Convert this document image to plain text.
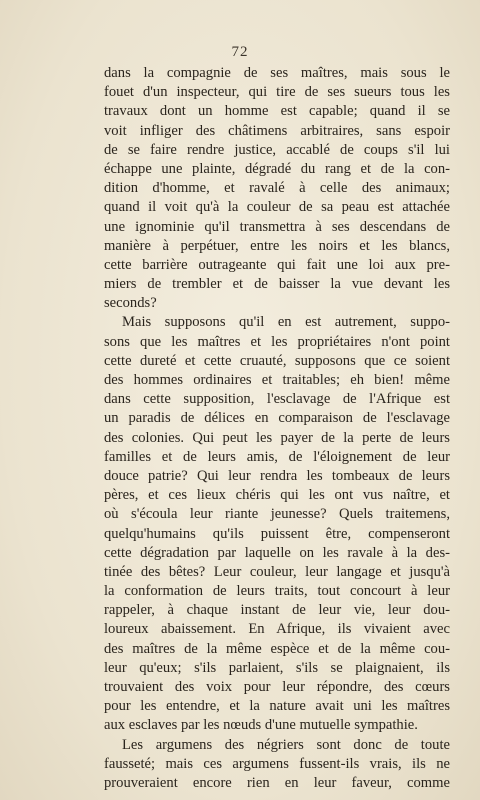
72
dans la compagnie de ses maîtres, mais sous le
fouet d'un inspecteur, qui tire de ses sueurs tous les
travaux dont un homme est capable; quand il se
voit infliger des châtimens arbitraires, sans espoir
de se faire rendre justice, accablé de coups s'il lui
échappe une plainte, dégradé du rang et de la con-
dition d'homme, et ravalé à celle des animaux;
quand il voit qu'à la couleur de sa peau est attachée
une ignominie qu'il transmettra à ses descendans de
manière à perpétuer, entre les noirs et les blancs,
cette barrière outrageante qui fait une loi aux pre-
miers de trembler et de baisser la vue devant les
seconds?
Mais supposons qu'il en est autrement, suppo-
sons que les maîtres et les propriétaires n'ont point
cette dureté et cette cruauté, supposons que ce soient
des hommes ordinaires et traitables; eh bien! même
dans cette supposition, l'esclavage de l'Afrique est
un paradis de délices en comparaison de l'esclavage
des colonies. Qui peut les payer de la perte de leurs
familles et de leurs amis, de l'éloignement de leur
douce patrie? Qui leur rendra les tombeaux de leurs
pères, et ces lieux chéris qui les ont vus naître, et
où s'écoula leur riante jeunesse? Quels traitemens,
quelqu'humains qu'ils puissent être, compenseront
cette dégradation par laquelle on les ravale à la des-
tinée des bêtes? Leur couleur, leur langage et jusqu'à
la conformation de leurs traits, tout concourt à leur
rappeler, à chaque instant de leur vie, leur dou-
loureux abaissement. En Afrique, ils vivaient avec
des maîtres de la même espèce et de la même cou-
leur qu'eux; s'ils parlaient, s'ils se plaignaient, ils
trouvaient des voix pour leur répondre, des cœurs
pour les entendre, et la nature avait uni les maîtres
aux esclaves par les nœuds d'une mutuelle sympathie.
Les argumens des négriers sont donc de toute
fausseté; mais ces argumens fussent-ils vrais, ils ne
prouveraient encore rien en leur faveur, comme
